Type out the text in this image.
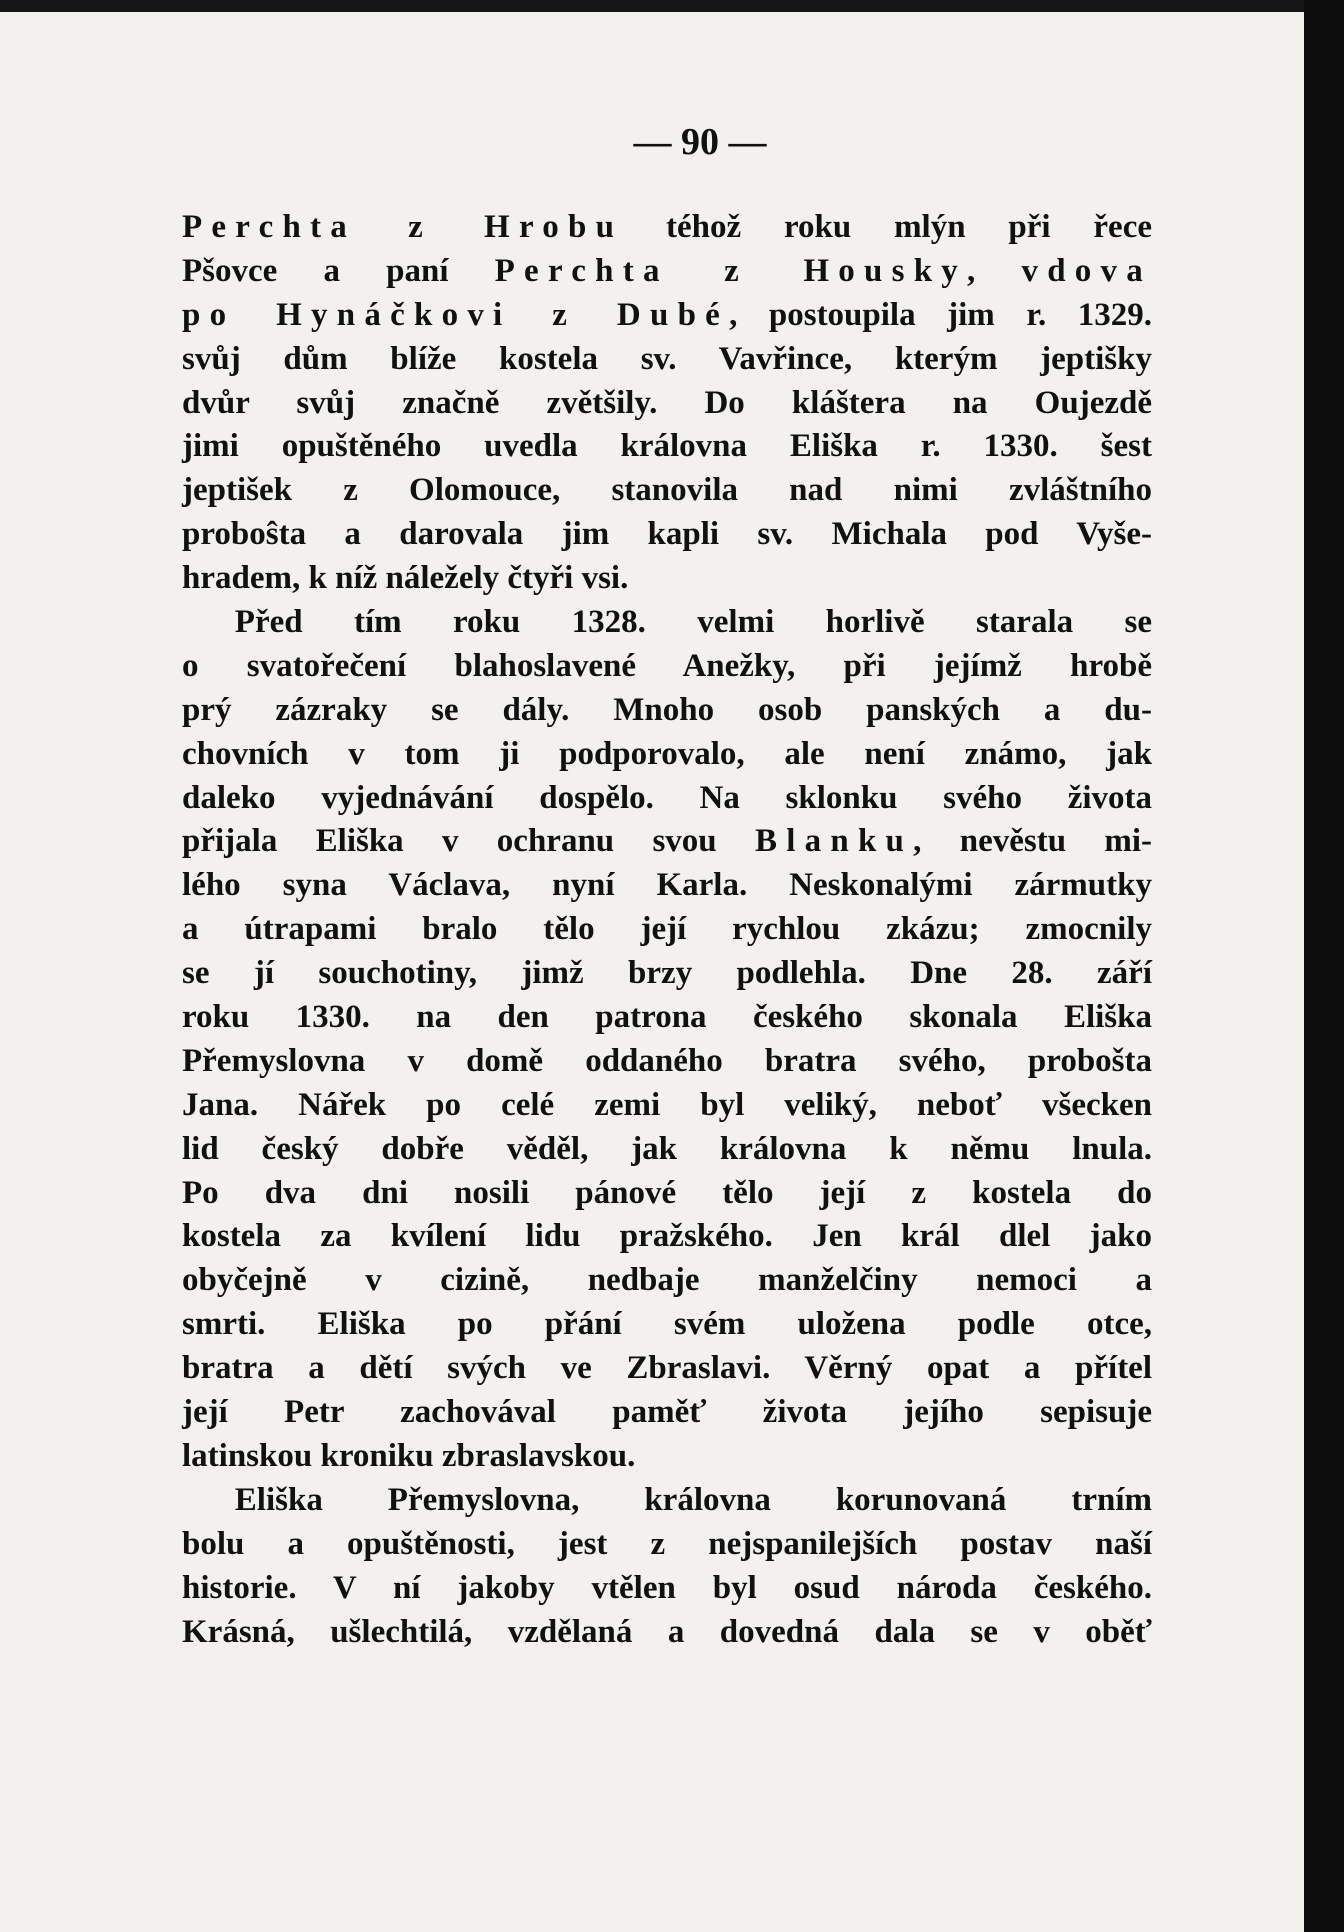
— 90 —
Perchta z Hrobu téhož roku mlýn při řece
Pšovce a paní Perchta z Housky, vdova
po Hynáčkovi z Dubé, postoupila jim r. 1329.
svůj dům blíže kostela sv. Vavřince, kterým jeptišky
dvůr svůj značně zvětšily. Do kláštera na Oujezdě
jimi opuštěného uvedla královna Eliška r. 1330. šest
jeptišek z Olomouce, stanovila nad nimi zvláštního
proboŝta a darovala jim kapli sv. Michala pod Vyše-
hradem, k níž náležely čtyři vsi.
Před tím roku 1328. velmi horlivě starala se
o svatořečení blahoslavené Anežky, při jejímž hrobě
prý zázraky se dály. Mnoho osob panských a du-
chovních v tom ji podporovalo, ale není známo, jak
daleko vyjednávání dospělo. Na sklonku svého života
přijala Eliška v ochranu svou Blanku, nevěstu mi-
lého syna Václava, nyní Karla. Neskonalými zármutky
a útrapami bralo tělo její rychlou zkázu; zmocnily
se jí souchotiny, jimž brzy podlehla. Dne 28. září
roku 1330. na den patrona českého skonala Eliška
Přemyslovna v domě oddaného bratra svého, probošta
Jana. Nářek po celé zemi byl veliký, neboť všecken
lid český dobře věděl, jak královna k němu lnula.
Po dva dni nosili pánové tělo její z kostela do
kostela za kvílení lidu pražského. Jen král dlel jako
obyčejně v cizině, nedbaje manželčiny nemoci a
smrti. Eliška po přání svém uložena podle otce,
bratra a dětí svých ve Zbraslavi. Věrný opat a přítel
její Petr zachovával paměť života jejího sepisuje
latinskou kroniku zbraslavskou.
Eliška Přemyslovna, královna korunovaná trním
bolu a opuštěnosti, jest z nejspanilejších postav naší
historie. V ní jakoby vtělen byl osud národa českého.
Krásná, ušlechtilá, vzdělaná a dovedná dala se v oběť
